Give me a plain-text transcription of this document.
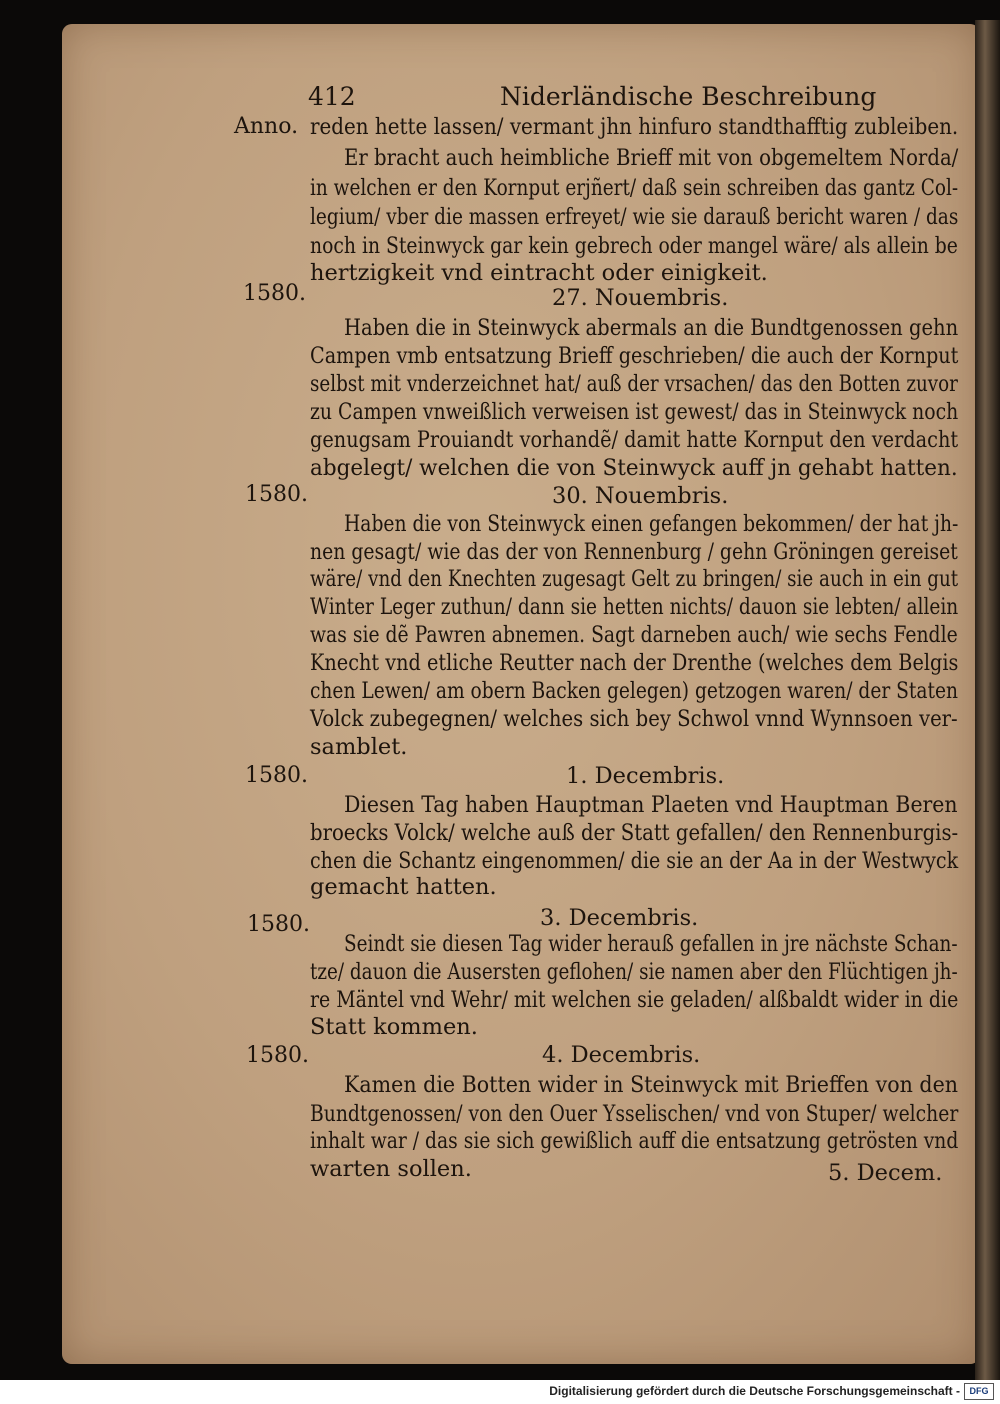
412	Niderländische Beschreibung
Anno. reden hette lassen/ vermant jhn hinfuro standthafftig zubleiben.
Er bracht auch heimbliche Brieff mit von obgemeltem Norda/
in welchen er den Kornput erjñert/ daß sein schreiben das gantz Col-
legium/ vber die massen erfreyet/ wie sie darauß bericht waren / das
noch in Steinwyck gar kein gebrech oder mangel wäre/ als allein be
hertzigkeit vnd eintracht oder einigkeit.
1580.	27. Nouembris.
Haben die in Steinwyck abermals an die Bundtgenossen gehn
Campen vmb entsatzung Brieff geschrieben/ die auch der Kornput
selbst mit vnderzeichnet hat/ auß der vrsachen/ das den Botten zuvor
zu Campen vnweißlich verweisen ist gewest/ das in Steinwyck noch
genugsam Prouiandt vorhandẽ/ damit hatte Kornput den verdacht
abgelegt/ welchen die von Steinwyck auff jn gehabt hatten.
1580.	30. Nouembris.
Haben die von Steinwyck einen gefangen bekommen/ der hat jh-
nen gesagt/ wie das der von Rennenburg / gehn Gröningen gereiset
wäre/ vnd den Knechten zugesagt Gelt zu bringen/ sie auch in ein gut
Winter Leger zuthun/ dann sie hetten nichts/ dauon sie lebten/ allein
was sie dẽ Pawren abnemen. Sagt darneben auch/ wie sechs Fendle
Knecht vnd etliche Reutter nach der Drenthe (welches dem Belgis
chen Lewen/ am obern Backen gelegen) getzogen waren/ der Staten
Volck zubegegnen/ welches sich bey Schwol vnnd Wynnsoen ver-
samblet.
1580.	1. Decembris.
Diesen Tag haben Hauptman Plaeten vnd Hauptman Beren
broecks Volck/ welche auß der Statt gefallen/ den Rennenburgis-
chen die Schantz eingenommen/ die sie an der Aa in der Westwyck
gemacht hatten.
1580.	3. Decembris.
Seindt sie diesen Tag wider herauß gefallen in jre nächste Schan-
tze/ dauon die Ausersten geflohen/ sie namen aber den Flüchtigen jh-
re Mäntel vnd Wehr/ mit welchen sie geladen/ alßbaldt wider in die
Statt kommen.
1580.	4. Decembris.
Kamen die Botten wider in Steinwyck mit Brieffen von den
Bundtgenossen/ von den Ouer Ysselischen/ vnd von Stuper/ welcher
inhalt war / das sie sich gewißlich auff die entsatzung getrösten vnd
warten sollen.	5. Decem.
Digitalisierung gefördert durch die Deutsche Forschungsgemeinschaft -	DFG
